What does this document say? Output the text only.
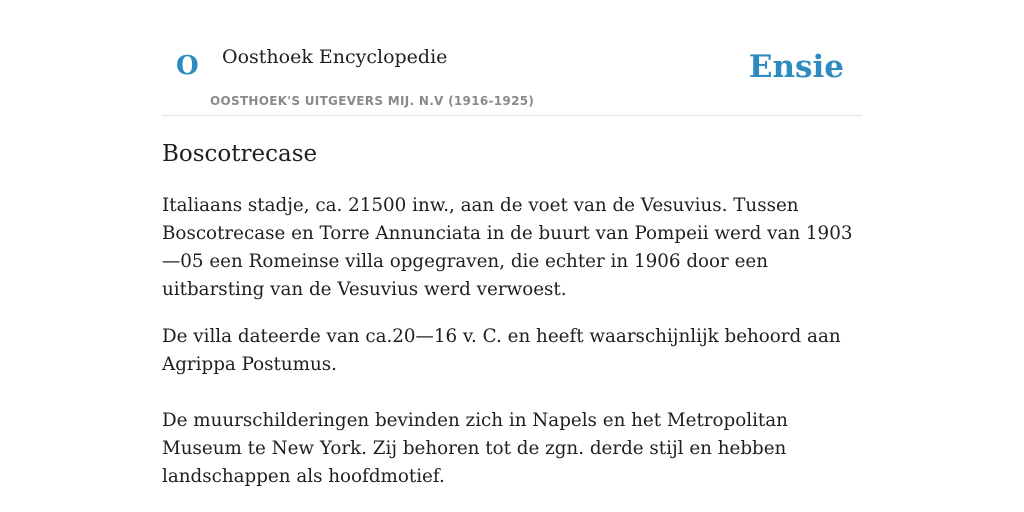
O Oosthoek Encyclopedie
OOSTHOEK'S UITGEVERS MIJ. N.V (1916-1925)
Ensie
Boscotrecase

Italiaans stadje, ca. 21500 inw., aan de voet van de Vesuvius. Tussen Boscotrecase en Torre Annunciata in de buurt van Pompeii werd van 1903—05 een Romeinse villa opgegraven, die echter in 1906 door een uitbarsting van de Vesuvius werd verwoest.

De villa dateerde van ca.20—16 v. C. en heeft waarschijnlijk behoord aan Agrippa Postumus.

De muurschilderingen bevinden zich in Napels en het Metropolitan Museum te New York. Zij behoren tot de zgn. derde stijl en hebben landschappen als hoofdmotief.
